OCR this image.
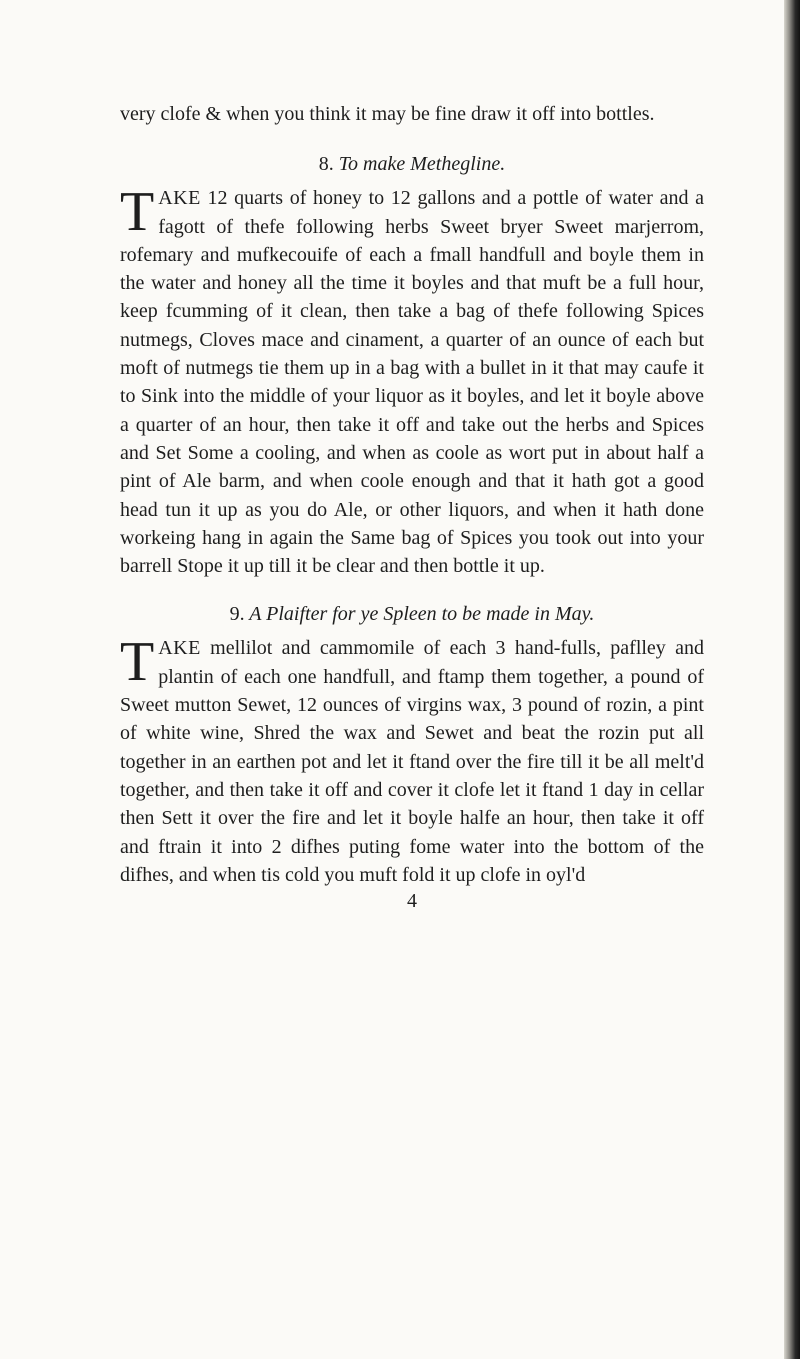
very clofe & when you think it may be fine draw it off into bottles.

8. To make Methegline.

TAKE 12 quarts of honey to 12 gallons and a pottle of water and a fagott of thefe following herbs Sweet bryer Sweet marjerrom, rofemary and mufkecouife of each a fmall handfull and boyle them in the water and honey all the time it boyles and that muft be a full hour, keep fcumming of it clean, then take a bag of thefe following Spices nutmegs, Cloves mace and cinament, a quarter of an ounce of each but moft of nutmegs tie them up in a bag with a bullet in it that may caufe it to Sink into the middle of your liquor as it boyles, and let it boyle above a quarter of an hour, then take it off and take out the herbs and Spices and Set Some a cooling, and when as coole as wort put in about half a pint of Ale barm, and when coole enough and that it hath got a good head tun it up as you do Ale, or other liquors, and when it hath done workeing hang in again the Same bag of Spices you took out into your barrell Stope it up till it be clear and then bottle it up.

9. A Plaifter for ye Spleen to be made in May.

TAKE mellilot and cammomile of each 3 hand-fulls, paflley and plantin of each one handfull, and ftamp them together, a pound of Sweet mutton Sewet, 12 ounces of virgins wax, 3 pound of rozin, a pint of white wine, Shred the wax and Sewet and beat the rozin put all together in an earthen pot and let it ftand over the fire till it be all melt'd together, and then take it off and cover it clofe let it ftand 1 day in cellar then Sett it over the fire and let it boyle halfe an hour, then take it off and ftrain it into 2 difhes puting fome water into the bottom of the difhes, and when tis cold you muft fold it up clofe in oyl'd

4
